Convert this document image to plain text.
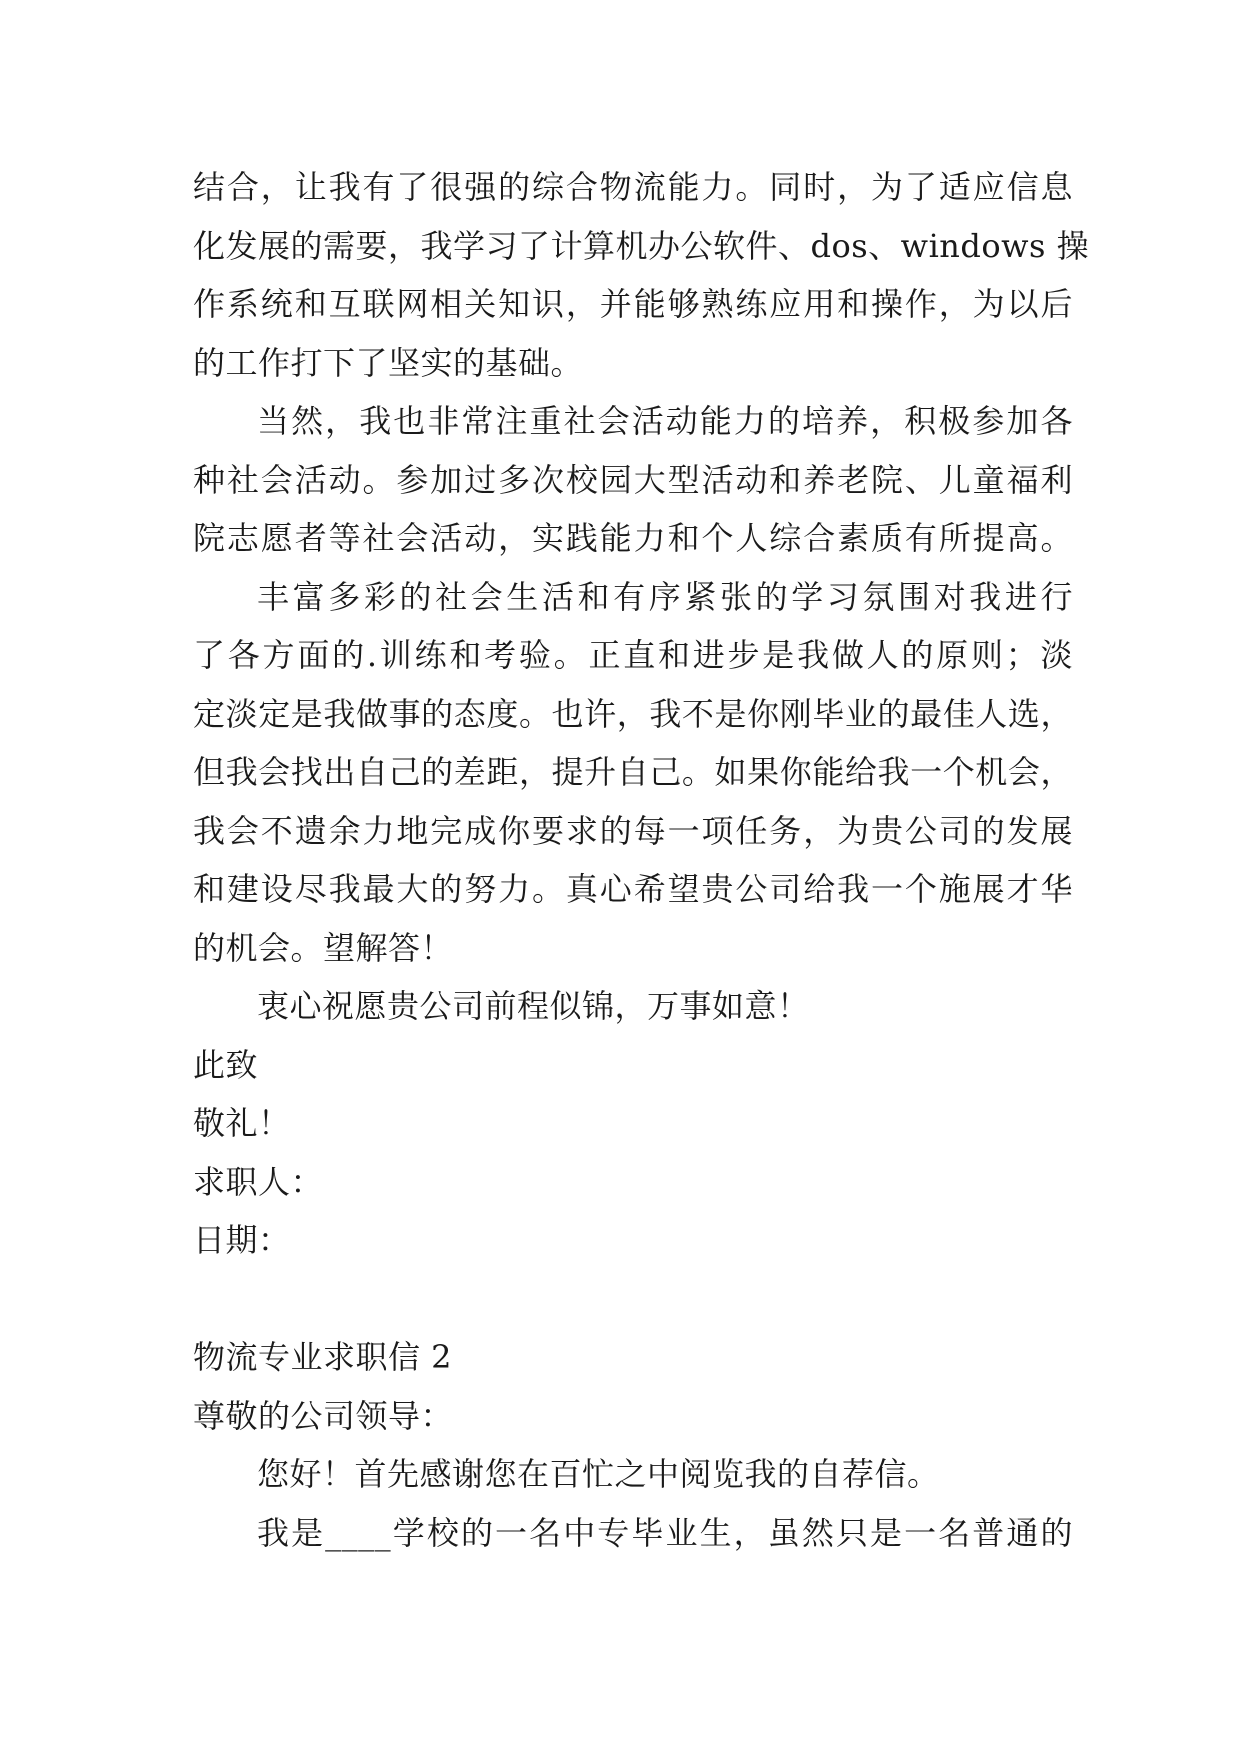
结合，让我有了很强的综合物流能力。同时，为了适应信息
化发展的需要，我学习了计算机办公软件、dos、windows 操
作系统和互联网相关知识，并能够熟练应用和操作，为以后
的工作打下了坚实的基础。
当然，我也非常注重社会活动能力的培养，积极参加各
种社会活动。参加过多次校园大型活动和养老院、儿童福利
院志愿者等社会活动，实践能力和个人综合素质有所提高。
丰富多彩的社会生活和有序紧张的学习氛围对我进行
了各方面的.训练和考验。正直和进步是我做人的原则；淡
定淡定是我做事的态度。也许，我不是你刚毕业的最佳人选，
但我会找出自己的差距，提升自己。如果你能给我一个机会，
我会不遗余力地完成你要求的每一项任务，为贵公司的发展
和建设尽我最大的努力。真心希望贵公司给我一个施展才华
的机会。望解答！
衷心祝愿贵公司前程似锦，万事如意！
此致
敬礼！
求职人：
日期：
物流专业求职信 2
尊敬的公司领导：
您好！首先感谢您在百忙之中阅览我的自荐信。
我是____学校的一名中专毕业生，虽然只是一名普通的
